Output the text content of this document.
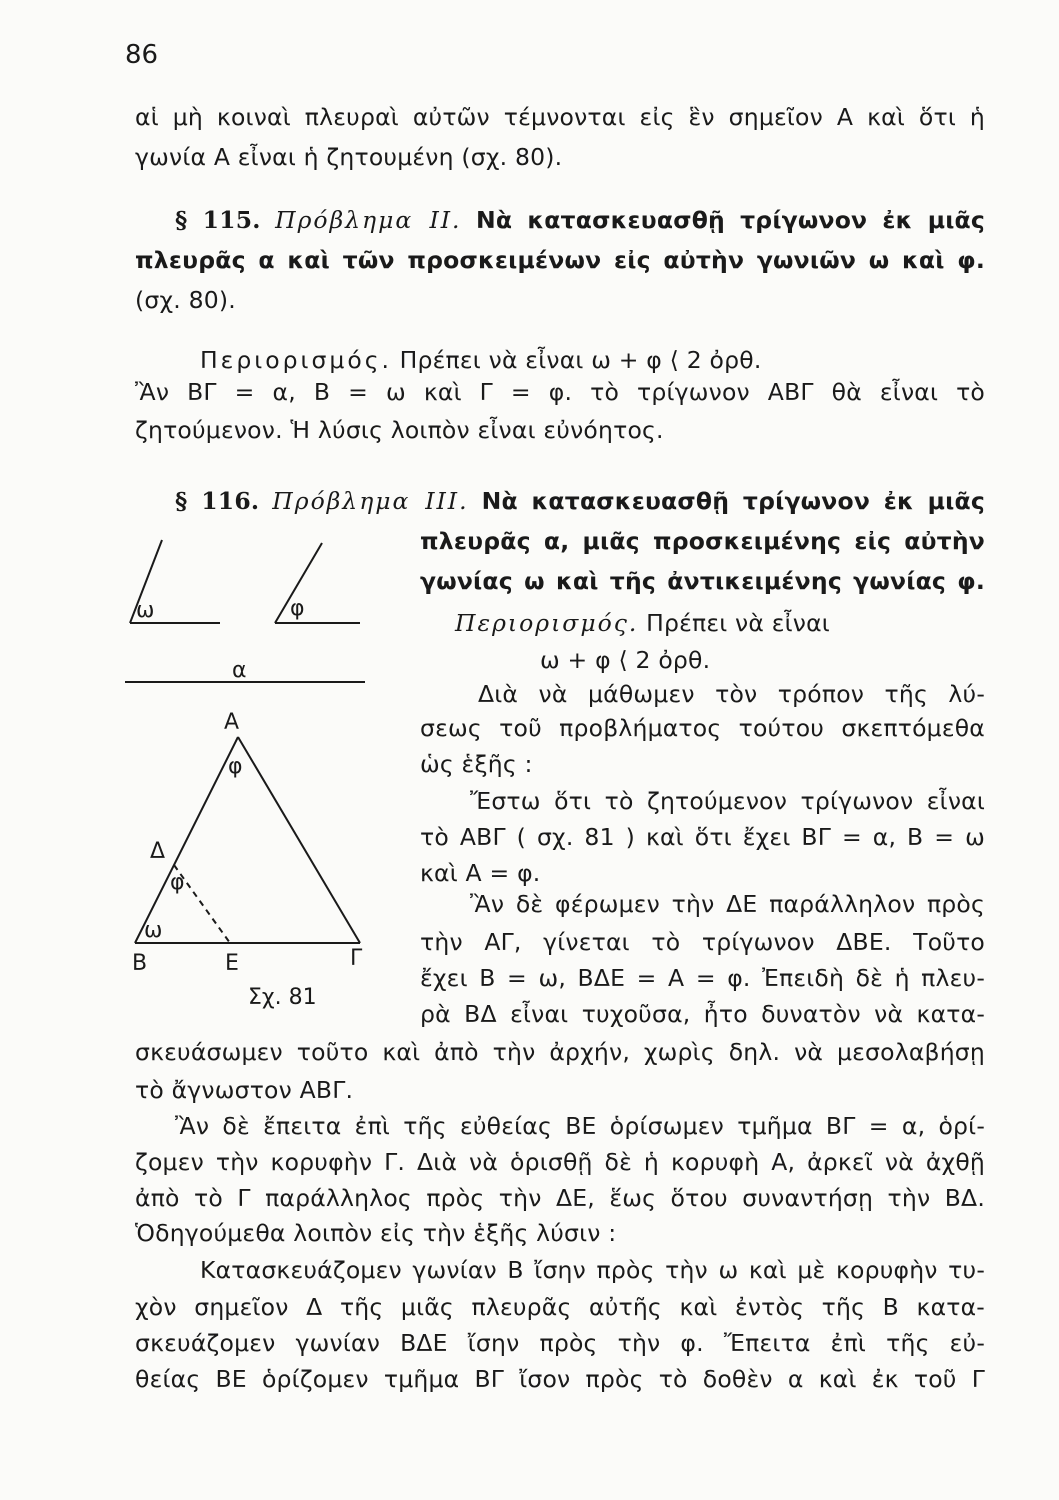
86
αἱ μὴ κοιναὶ πλευραὶ αὐτῶν τέμνονται εἰς ἓν σημεῖον Α καὶ ὅτι ἡ
γωνία Α εἶναι ἡ ζητουμένη (σχ. 80).
§ 115. Πρόβλημα II. Νὰ κατασκευασθῇ τρίγωνον ἐκ μιᾶς
πλευρᾶς α καὶ τῶν προσκειμένων εἰς αὐτὴν γωνιῶν ω καὶ φ.
(σχ. 80).
Περιορισμός. Πρέπει νὰ εἶναι ω + φ ⟨ 2 ὀρθ.
Ἂν ΒΓ = α, Β = ω καὶ Γ = φ. τὸ τρίγωνον ΑΒΓ θὰ εἶναι τὸ
ζητούμενον. Ἡ λύσις λοιπὸν εἶναι εὐνόητος.
§ 116. Πρόβλημα III. Νὰ κατασκευασθῇ τρίγωνον ἐκ μιᾶς
πλευρᾶς α, μιᾶς προσκειμένης εἰς αὐτὴν
γωνίας ω καὶ τῆς ἀντικειμένης γωνίας φ.
Περιορισμός. Πρέπει νὰ εἶναι
ω + φ ⟨ 2 ὀρθ.
Διὰ νὰ μάθωμεν τὸν τρόπον τῆς λύ-
σεως τοῦ προβλήματος τούτου σκεπτόμεθα
ὡς ἑξῆς :
Ἔστω ὅτι τὸ ζητούμενον τρίγωνον εἶναι
τὸ ΑΒΓ ( σχ. 81 ) καὶ ὅτι ἔχει ΒΓ = α, Β = ω
καὶ Α = φ.
Ἂν δὲ φέρωμεν τὴν ΔΕ παράλληλον πρὸς
τὴν ΑΓ, γίνεται τὸ τρίγωνον ΔΒΕ. Τοῦτο
ἔχει Β = ω, ΒΔΕ = Α = φ. Ἐπειδὴ δὲ ἡ πλευ-
ρὰ ΒΔ εἶναι τυχοῦσα, ἦτο δυνατὸν νὰ κατα-
σκευάσωμεν τοῦτο καὶ ἀπὸ τὴν ἀρχήν, χωρὶς δηλ. νὰ μεσολαβήσῃ
τὸ ἄγνωστον ΑΒΓ.
Ἂν δὲ ἔπειτα ἐπὶ τῆς εὐθείας ΒΕ ὁρίσωμεν τμῆμα ΒΓ = α, ὁρί-
ζομεν τὴν κορυφὴν Γ. Διὰ νὰ ὁρισθῇ δὲ ἡ κορυφὴ Α, ἀρκεῖ νὰ ἀχθῇ
ἀπὸ τὸ Γ παράλληλος πρὸς τὴν ΔΕ, ἕως ὅτου συναντήσῃ τὴν ΒΔ.
Ὁδηγούμεθα λοιπὸν εἰς τὴν ἑξῆς λύσιν :
Κατασκευάζομεν γωνίαν Β ἴσην πρὸς τὴν ω καὶ μὲ κορυφὴν τυ-
χὸν σημεῖον Δ τῆς μιᾶς πλευρᾶς αὐτῆς καὶ ἐντὸς τῆς Β κατα-
σκευάζομεν γωνίαν ΒΔΕ ἴσην πρὸς τὴν φ. Ἔπειτα ἐπὶ τῆς εὐ-
θείας ΒΕ ὁρίζομεν τμῆμα ΒΓ ἴσον πρὸς τὸ δοθὲν α καὶ ἐκ τοῦ Γ
ω	φ
α
Α
φ
Δ
φ
ω
Β	Ε	Γ
Σχ. 81
